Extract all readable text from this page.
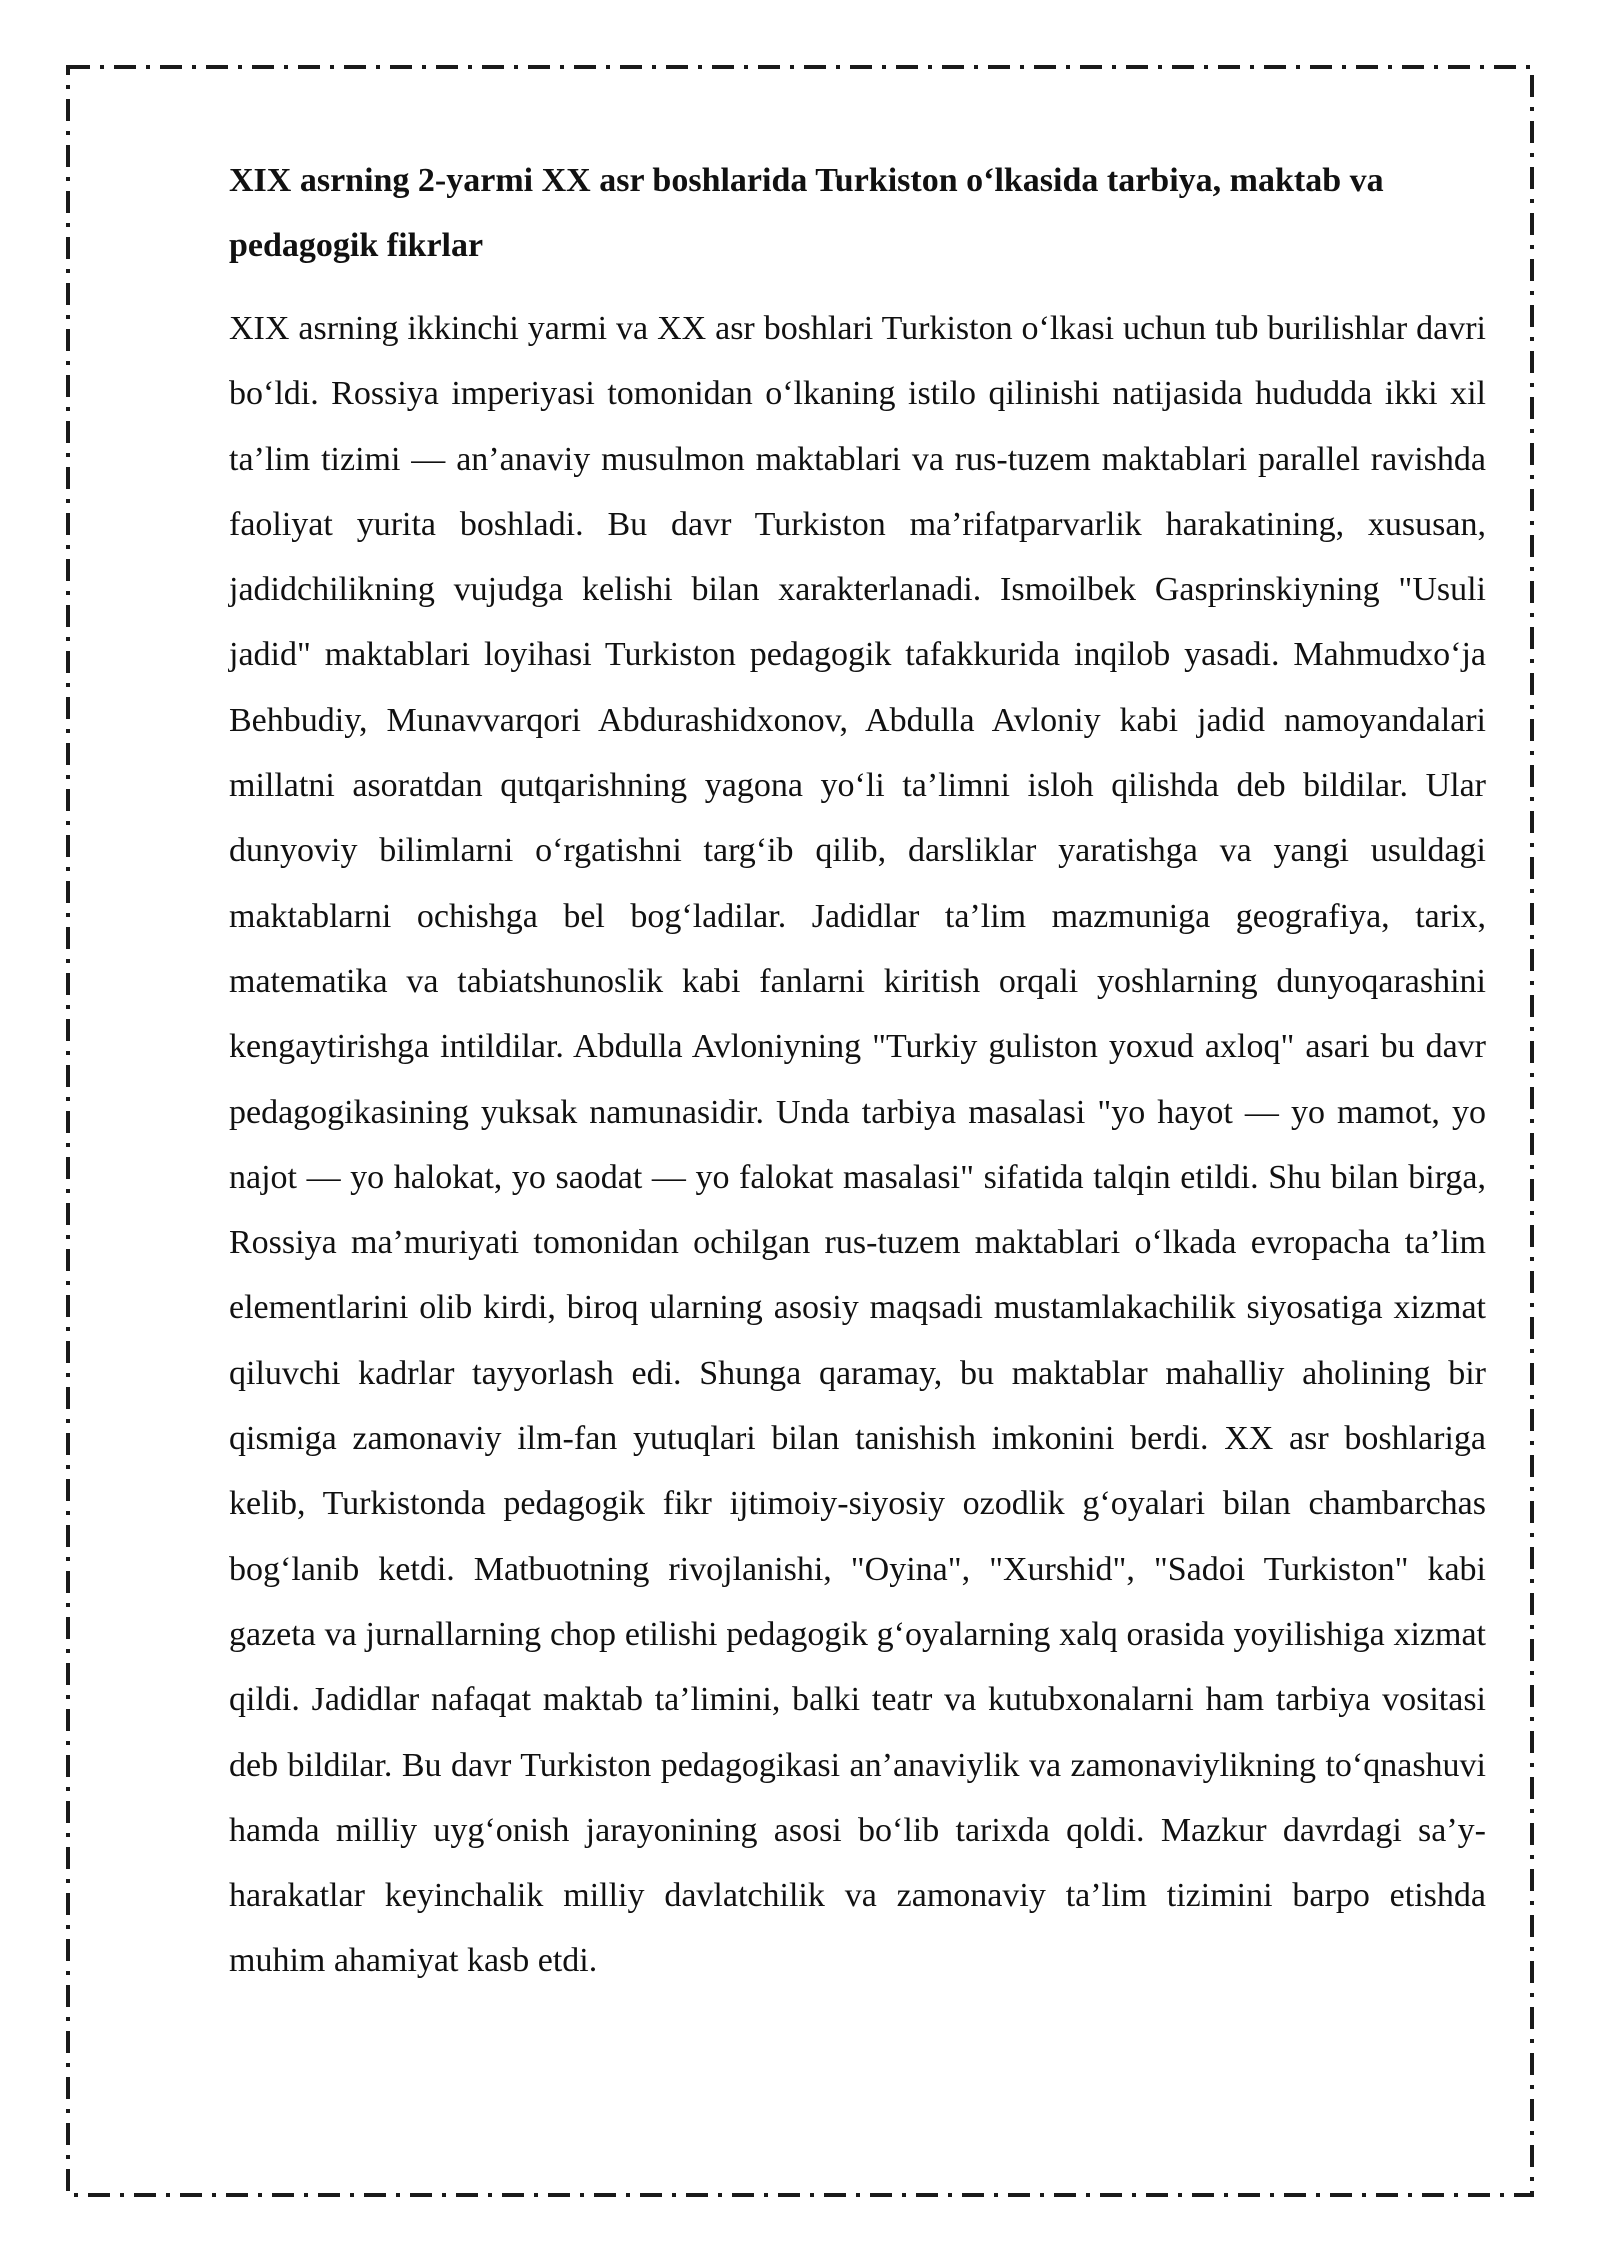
XIX asrning 2-yarmi XX asr boshlarida Turkiston o‘lkasida tarbiya, maktab va pedagogik fikrlar

XIX asrning ikkinchi yarmi va XX asr boshlari Turkiston o‘lkasi uchun tub burilishlar davri bo‘ldi. Rossiya imperiyasi tomonidan o‘lkaning istilo qilinishi natijasida hududda ikki xil ta’lim tizimi — an’anaviy musulmon maktablari va rus-tuzem maktablari parallel ravishda faoliyat yurita boshladi. Bu davr Turkiston ma’rifatparvarlik harakatining, xususan, jadidchilikning vujudga kelishi bilan xarakterlanadi. Ismoilbek Gasprinskiyning "Usuli jadid" maktablari loyihasi Turkiston pedagogik tafakkurida inqilob yasadi. Mahmudxo‘ja Behbudiy, Munavvarqori Abdurashidxonov, Abdulla Avloniy kabi jadid namoyandalari millatni asoratdan qutqarishning yagona yo‘li ta’limni isloh qilishda deb bildilar. Ular dunyoviy bilimlarni o‘rgatishni targ‘ib qilib, darsliklar yaratishga va yangi usuldagi maktablarni ochishga bel bog‘ladilar. Jadidlar ta’lim mazmuniga geografiya, tarix, matematika va tabiatshunoslik kabi fanlarni kiritish orqali yoshlarning dunyoqarashini kengaytirishga intildilar. Abdulla Avloniyning "Turkiy guliston yoxud axloq" asari bu davr pedagogikasining yuksak namunasidir. Unda tarbiya masalasi "yo hayot — yo mamot, yo najot — yo halokat, yo saodat — yo falokat masalasi" sifatida talqin etildi. Shu bilan birga, Rossiya ma’muriyati tomonidan ochilgan rus-tuzem maktablari o‘lkada evropacha ta’lim elementlarini olib kirdi, biroq ularning asosiy maqsadi mustamlakachilik siyosatiga xizmat qiluvchi kadrlar tayyorlash edi. Shunga qaramay, bu maktablar mahalliy aholining bir qismiga zamonaviy ilm-fan yutuqlari bilan tanishish imkonini berdi. XX asr boshlariga kelib, Turkistonda pedagogik fikr ijtimoiy-siyosiy ozodlik g‘oyalari bilan chambarchas bog‘lanib ketdi. Matbuotning rivojlanishi, "Oyina", "Xurshid", "Sadoi Turkiston" kabi gazeta va jurnallarning chop etilishi pedagogik g‘oyalarning xalq orasida yoyilishiga xizmat qildi. Jadidlar nafaqat maktab ta’limini, balki teatr va kutubxonalarni ham tarbiya vositasi deb bildilar. Bu davr Turkiston pedagogikasi an’anaviylik va zamonaviylikning to‘qnashuvi hamda milliy uyg‘onish jarayonining asosi bo‘lib tarixda qoldi. Mazkur davrdagi sa’y-harakatlar keyinchalik milliy davlatchilik va zamonaviy ta’lim tizimini barpo etishda muhim ahamiyat kasb etdi.
